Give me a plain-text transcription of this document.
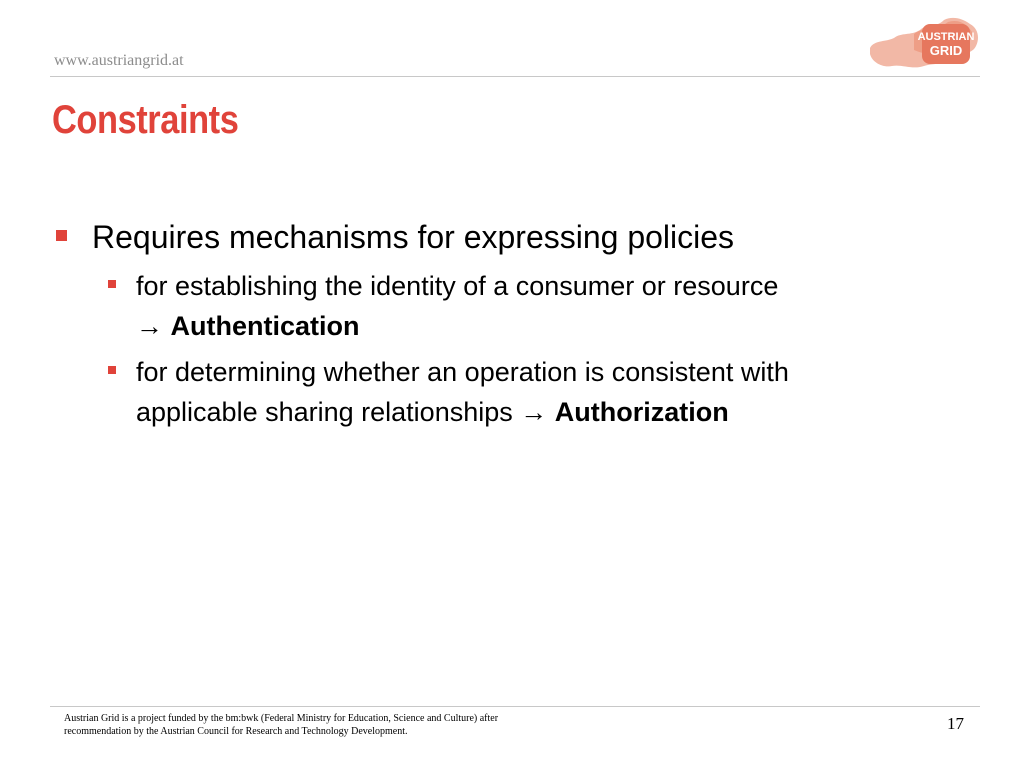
www.austriangrid.at
AUSTRIAN
GRID
Constraints
Requires mechanisms for expressing policies
for establishing the identity of a consumer or resource
→ Authentication
for determining whether an operation is consistent with
applicable sharing relationships → Authorization
Austrian Grid is a project funded by the bm:bwk (Federal Ministry for Education, Science and Culture) after
recommendation by the Austrian Council for Research and Technology Development.	17
